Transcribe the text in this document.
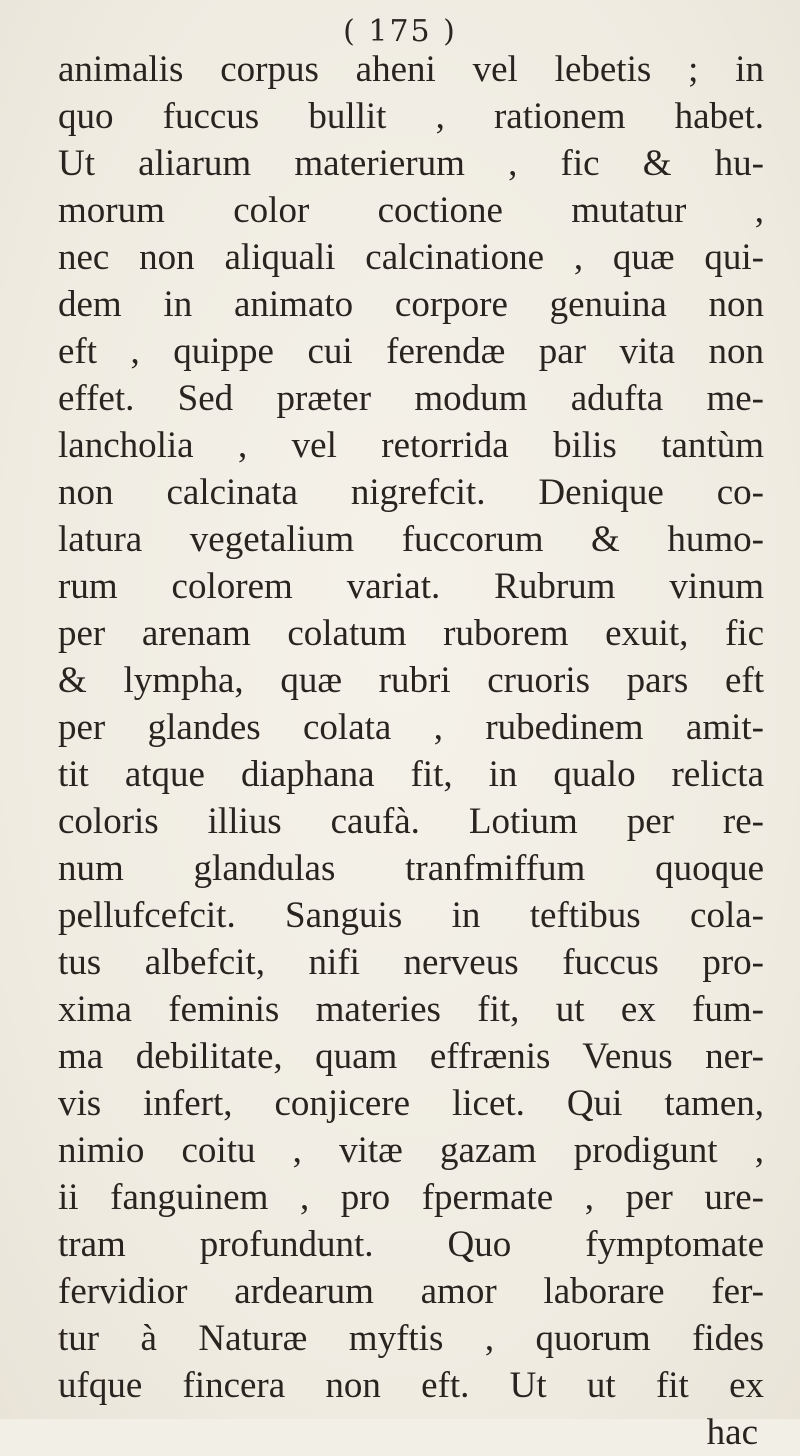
( 175 )
animalis corpus aheni vel lebetis ; in
quo fuccus bullit , rationem habet.
Ut aliarum materierum , fic & hu-
morum color coctione mutatur ,
nec non aliquali calcinatione , quæ qui-
dem in animato corpore genuina non
eft , quippe cui ferendæ par vita non
effet. Sed præter modum adufta me-
lancholia , vel retorrida bilis tantùm
non calcinata nigrefcit. Denique co-
latura vegetalium fuccorum & humo-
rum colorem variat. Rubrum vinum
per arenam colatum ruborem exuit, fic
& lympha, quæ rubri cruoris pars eft
per glandes colata , rubedinem amit-
tit atque diaphana fit, in qualo relicta
coloris illius caufà. Lotium per re-
num glandulas tranfmiffum quoque
pellufcefcit. Sanguis in teftibus cola-
tus albefcit, nifi nerveus fuccus pro-
xima feminis materies fit, ut ex fum-
ma debilitate, quam effrænis Venus ner-
vis infert, conjicere licet. Qui tamen,
nimio coitu , vitæ gazam prodigunt ,
ii fanguinem , pro fpermate , per ure-
tram profundunt. Quo fymptomate
fervidior ardearum amor laborare fer-
tur à Naturæ myftis , quorum fides
ufque fincera non eft. Ut ut fit ex
hac
